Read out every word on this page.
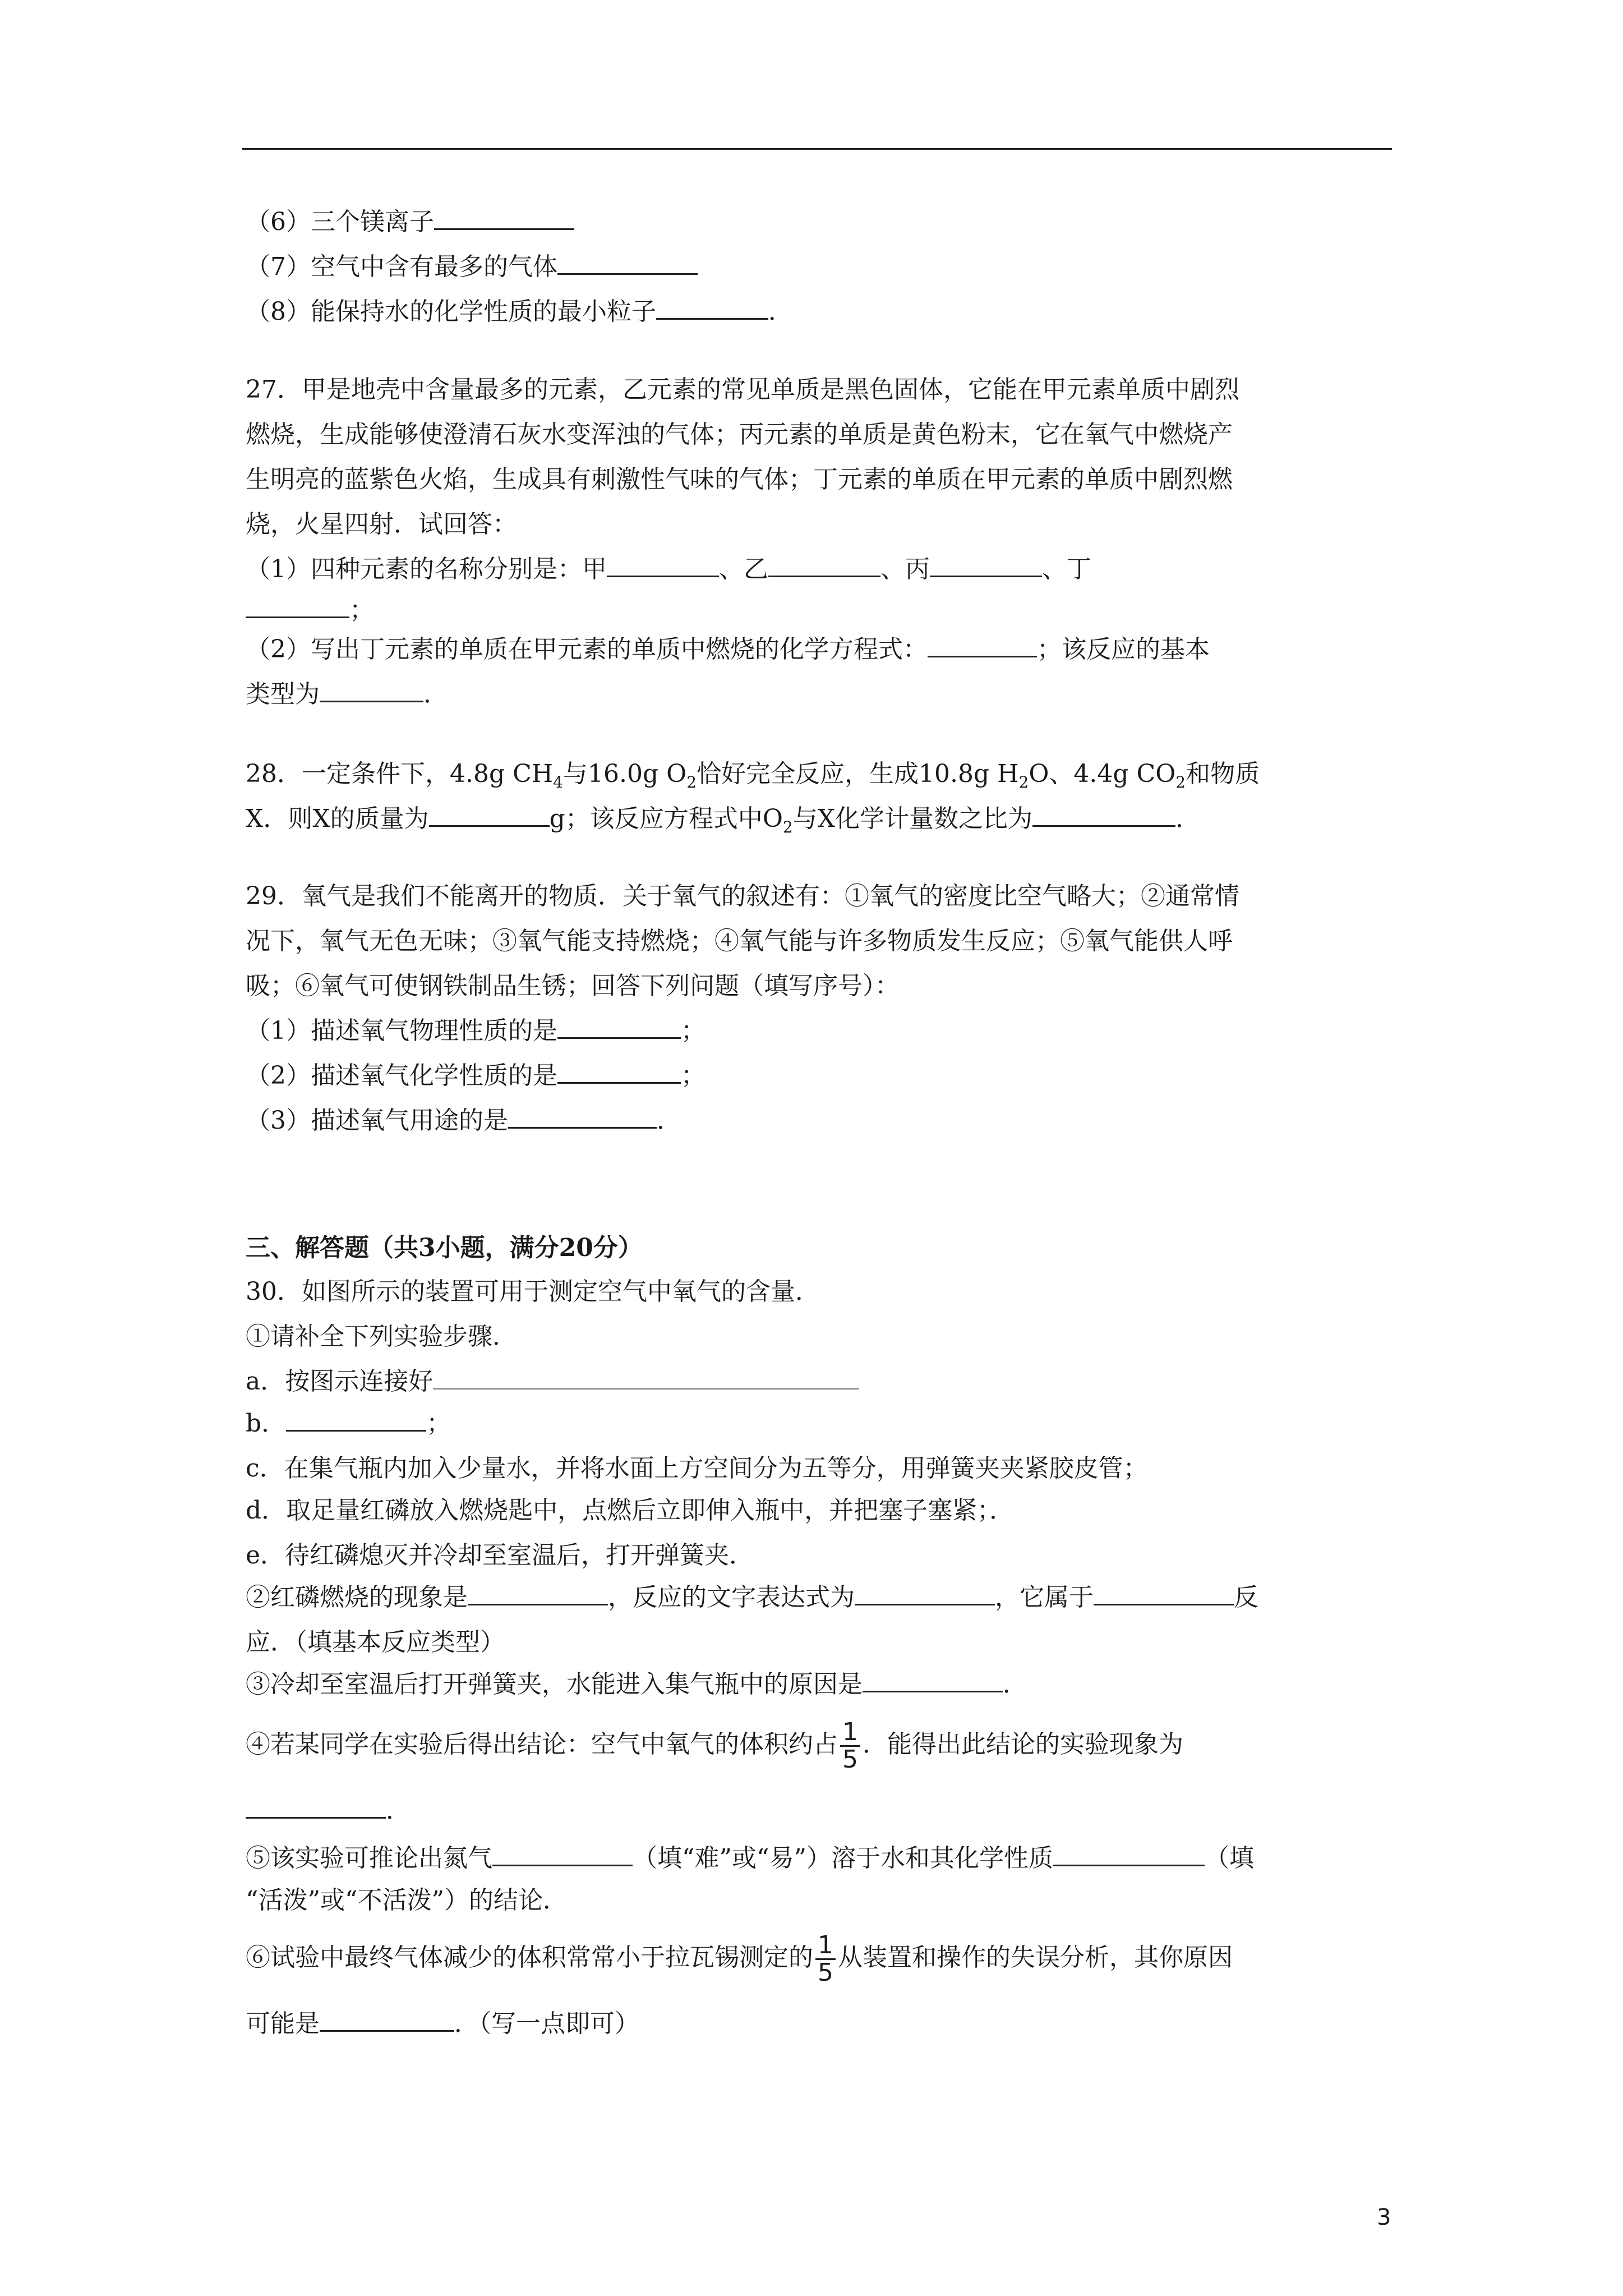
（6）三个镁离子
（7）空气中含有最多的气体
（8）能保持水的化学性质的最小粒子	．
27．甲是地壳中含量最多的元素，乙元素的常见单质是黑色固体，它能在甲元素单质中剧烈
燃烧，生成能够使澄清石灰水变浑浊的气体；丙元素的单质是黄色粉末，它在氧气中燃烧产
生明亮的蓝紫色火焰，生成具有刺激性气味的气体；丁元素的单质在甲元素的单质中剧烈燃
烧，火星四射．试回答：
（1）四种元素的名称分别是：甲	、乙	、丙	、丁
；
（2）写出丁元素的单质在甲元素的单质中燃烧的化学方程式：	；该反应的基本
类型为	．
28．一定条件下，4.8g $CH_4$与16.0g $O_2$恰好完全反应，生成10.8g $H_2O$、4.4g $CO_2$和物质
X．则X的质量为	g；该反应方程式中$O_2$与X化学计量数之比为	．
29．氧气是我们不能离开的物质．关于氧气的叙述有：①氧气的密度比空气略大；②通常情
况下，氧气无色无味；③氧气能支持燃烧；④氧气能与许多物质发生反应；⑤氧气能供人呼
吸；⑥氧气可使钢铁制品生锈；回答下列问题（填写序号）：
（1）描述氧气物理性质的是	；
（2）描述氧气化学性质的是	；
（3）描述氧气用途的是	．
三、解答题（共3小题，满分20分）
30．如图所示的装置可用于测定空气中氧气的含量．
①请补全下列实验步骤．
a．按图示连接好
b．	；
c．在集气瓶内加入少量水，并将水面上方空间分为五等分，用弹簧夹夹紧胶皮管；
d．取足量红磷放入燃烧匙中，点燃后立即伸入瓶中，并把塞子塞紧；．
e．待红磷熄灭并冷却至室温后，打开弹簧夹．
②红磷燃烧的现象是	，反应的文字表达式为	，它属于	反
应．（填基本反应类型）
③冷却至室温后打开弹簧夹，水能进入集气瓶中的原因是	．
④若某同学在实验后得出结论：空气中氧气的体积约占 $\frac{1}{5}$ ．能得出此结论的实验现象为
．
⑤该实验可推论出氮气	（填“难”或“易”）溶于水和其化学性质	（填
“活泼”或“不活泼”）的结论．
⑥试验中最终气体减少的体积常常小于拉瓦锡测定的 $\frac{1}{5}$ 从装置和操作的失误分析，其你原因
可能是	．（写一点即可）
3
